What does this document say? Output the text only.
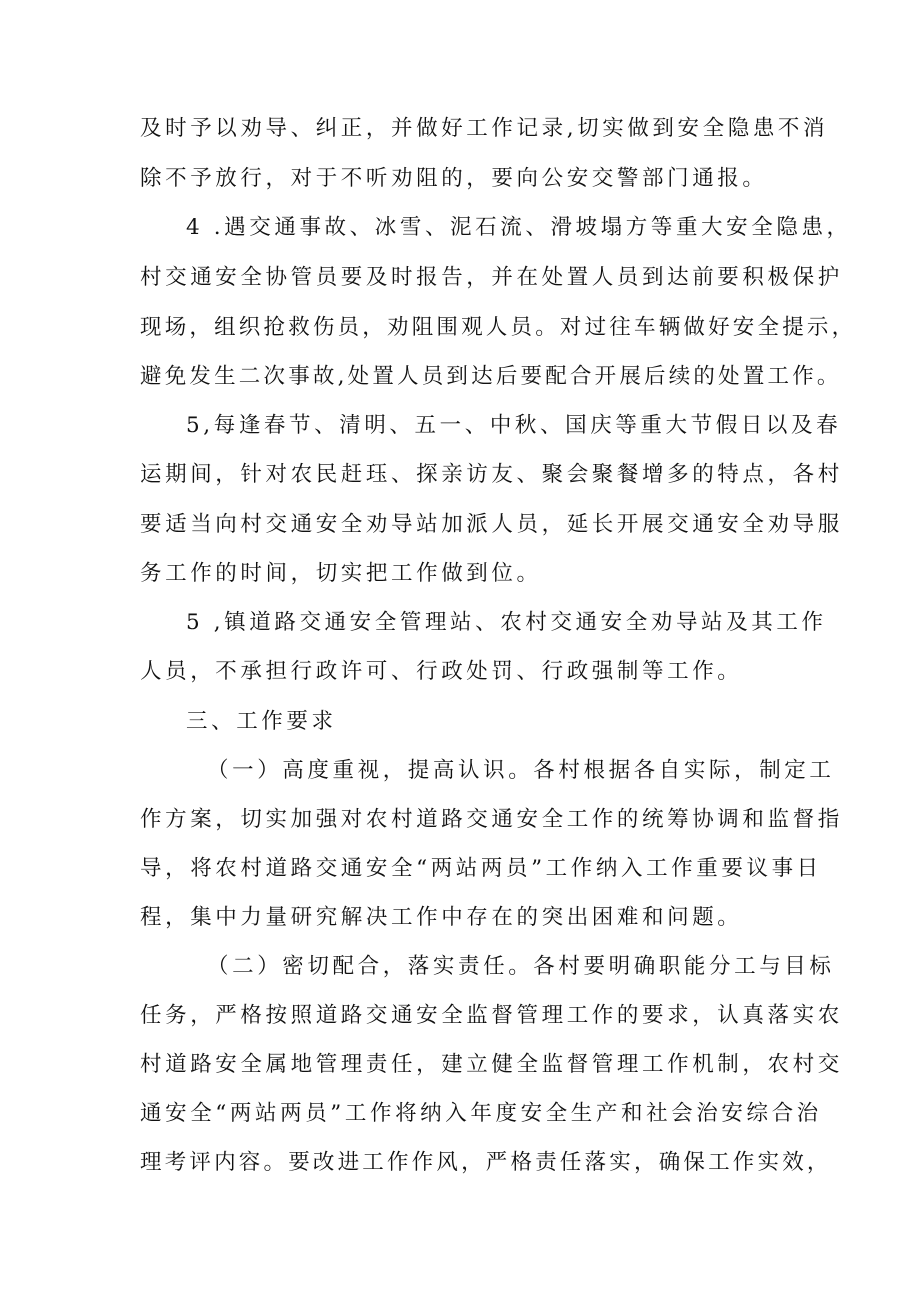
及时予以劝导、纠正，并做好工作记录,切实做到安全隐患不消

除不予放行，对于不听劝阻的，要向公安交警部门通报。

4 .遇交通事故、冰雪、泥石流、滑坡塌方等重大安全隐患，

村交通安全协管员要及时报告，并在处置人员到达前要积极保护

现场，组织抢救伤员，劝阻围观人员。对过往车辆做好安全提示，

避免发生二次事故,处置人员到达后要配合开展后续的处置工作。

5,每逢春节、清明、五一、中秋、国庆等重大节假日以及春

运期间，针对农民赶珏、探亲访友、聚会聚餐增多的特点，各村

要适当向村交通安全劝导站加派人员，延长开展交通安全劝导服

务工作的时间，切实把工作做到位。

5 ,镇道路交通安全管理站、农村交通安全劝导站及其工作

人员，不承担行政许可、行政处罚、行政强制等工作。

三、工作要求

（一）高度重视，提高认识。各村根据各自实际，制定工

作方案，切实加强对农村道路交通安全工作的统筹协调和监督指

导，将农村道路交通安全“两站两员”工作纳入工作重要议事日

程，集中力量研究解决工作中存在的突出困难和问题。

（二）密切配合，落实责任。各村要明确职能分工与目标

任务，严格按照道路交通安全监督管理工作的要求，认真落实农

村道路安全属地管理责任，建立健全监督管理工作机制，农村交

通安全“两站两员”工作将纳入年度安全生产和社会治安综合治

理考评内容。要改进工作作风，严格责任落实，确保工作实效，
